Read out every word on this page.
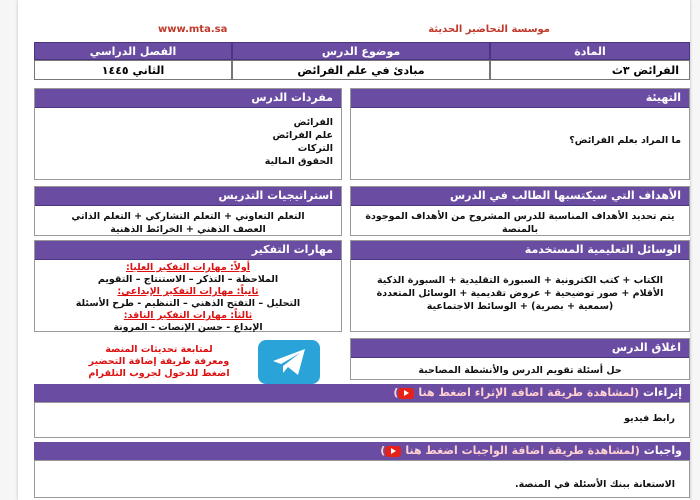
موسسة التحاضير الحديثة
www.mta.sa
المادة
موضوع الدرس
الفصل الدراسي
الفرائض ٣ث
مبادئ في علم الفرائض
الثاني ١٤٤٥
التهيئة
ما المراد بعلم الفرائض؟
مفردات الدرس
الفرائض
علم الفرائض
التركات
الحقوق المالية
الأهداف التي سيكتسبها الطالب في الدرس
يتم تحديد الأهداف المناسبة للدرس المشروح من الأهداف الموجودة
بالمنصة
استراتيجيات التدريس
التعلم التعاوني + التعلم التشاركي + التعلم الذاتي
العصف الذهني + الخرائط الذهنية
الوسائل التعليمية المستخدمة
الكتاب + كتب الكترونية + السبورة التقليدية + السبورة الذكية
الأقلام + صور توضيحية + عروض تقديمية + الوسائل المتعددة
(سمعية + بصرية) + الوسائط الاجتماعية
مهارات التفكير
أولاً: مهارات التفكير العليا:
الملاحظة – التذكر – الاستنتاج – التقويم
ثانياً: مهارات التفكير الإبداعي:
التحليل – التفتح الذهني – التنظيم - طرح الأسئلة
ثالثاً: مهارات التفكير الناقد:
الإبداع - حسن الإنصات - المرونة
اغلاق الدرس
حل أسئلة تقويم الدرس والأنشطة المصاحبة
لمتابعة تحديثات المنصة
ومعرفة طريقة إضافة التحضير
اضغط للدخول لجروب التلقرام
إثراءات (لمشاهدة طريقة اضافة الإثراء اضغط هنا)
رابط فيديو
واجبات (لمشاهدة طريقة اضافة الواجبات اضغط هنا)
الاستعانة ببنك الأسئلة في المنصة.
